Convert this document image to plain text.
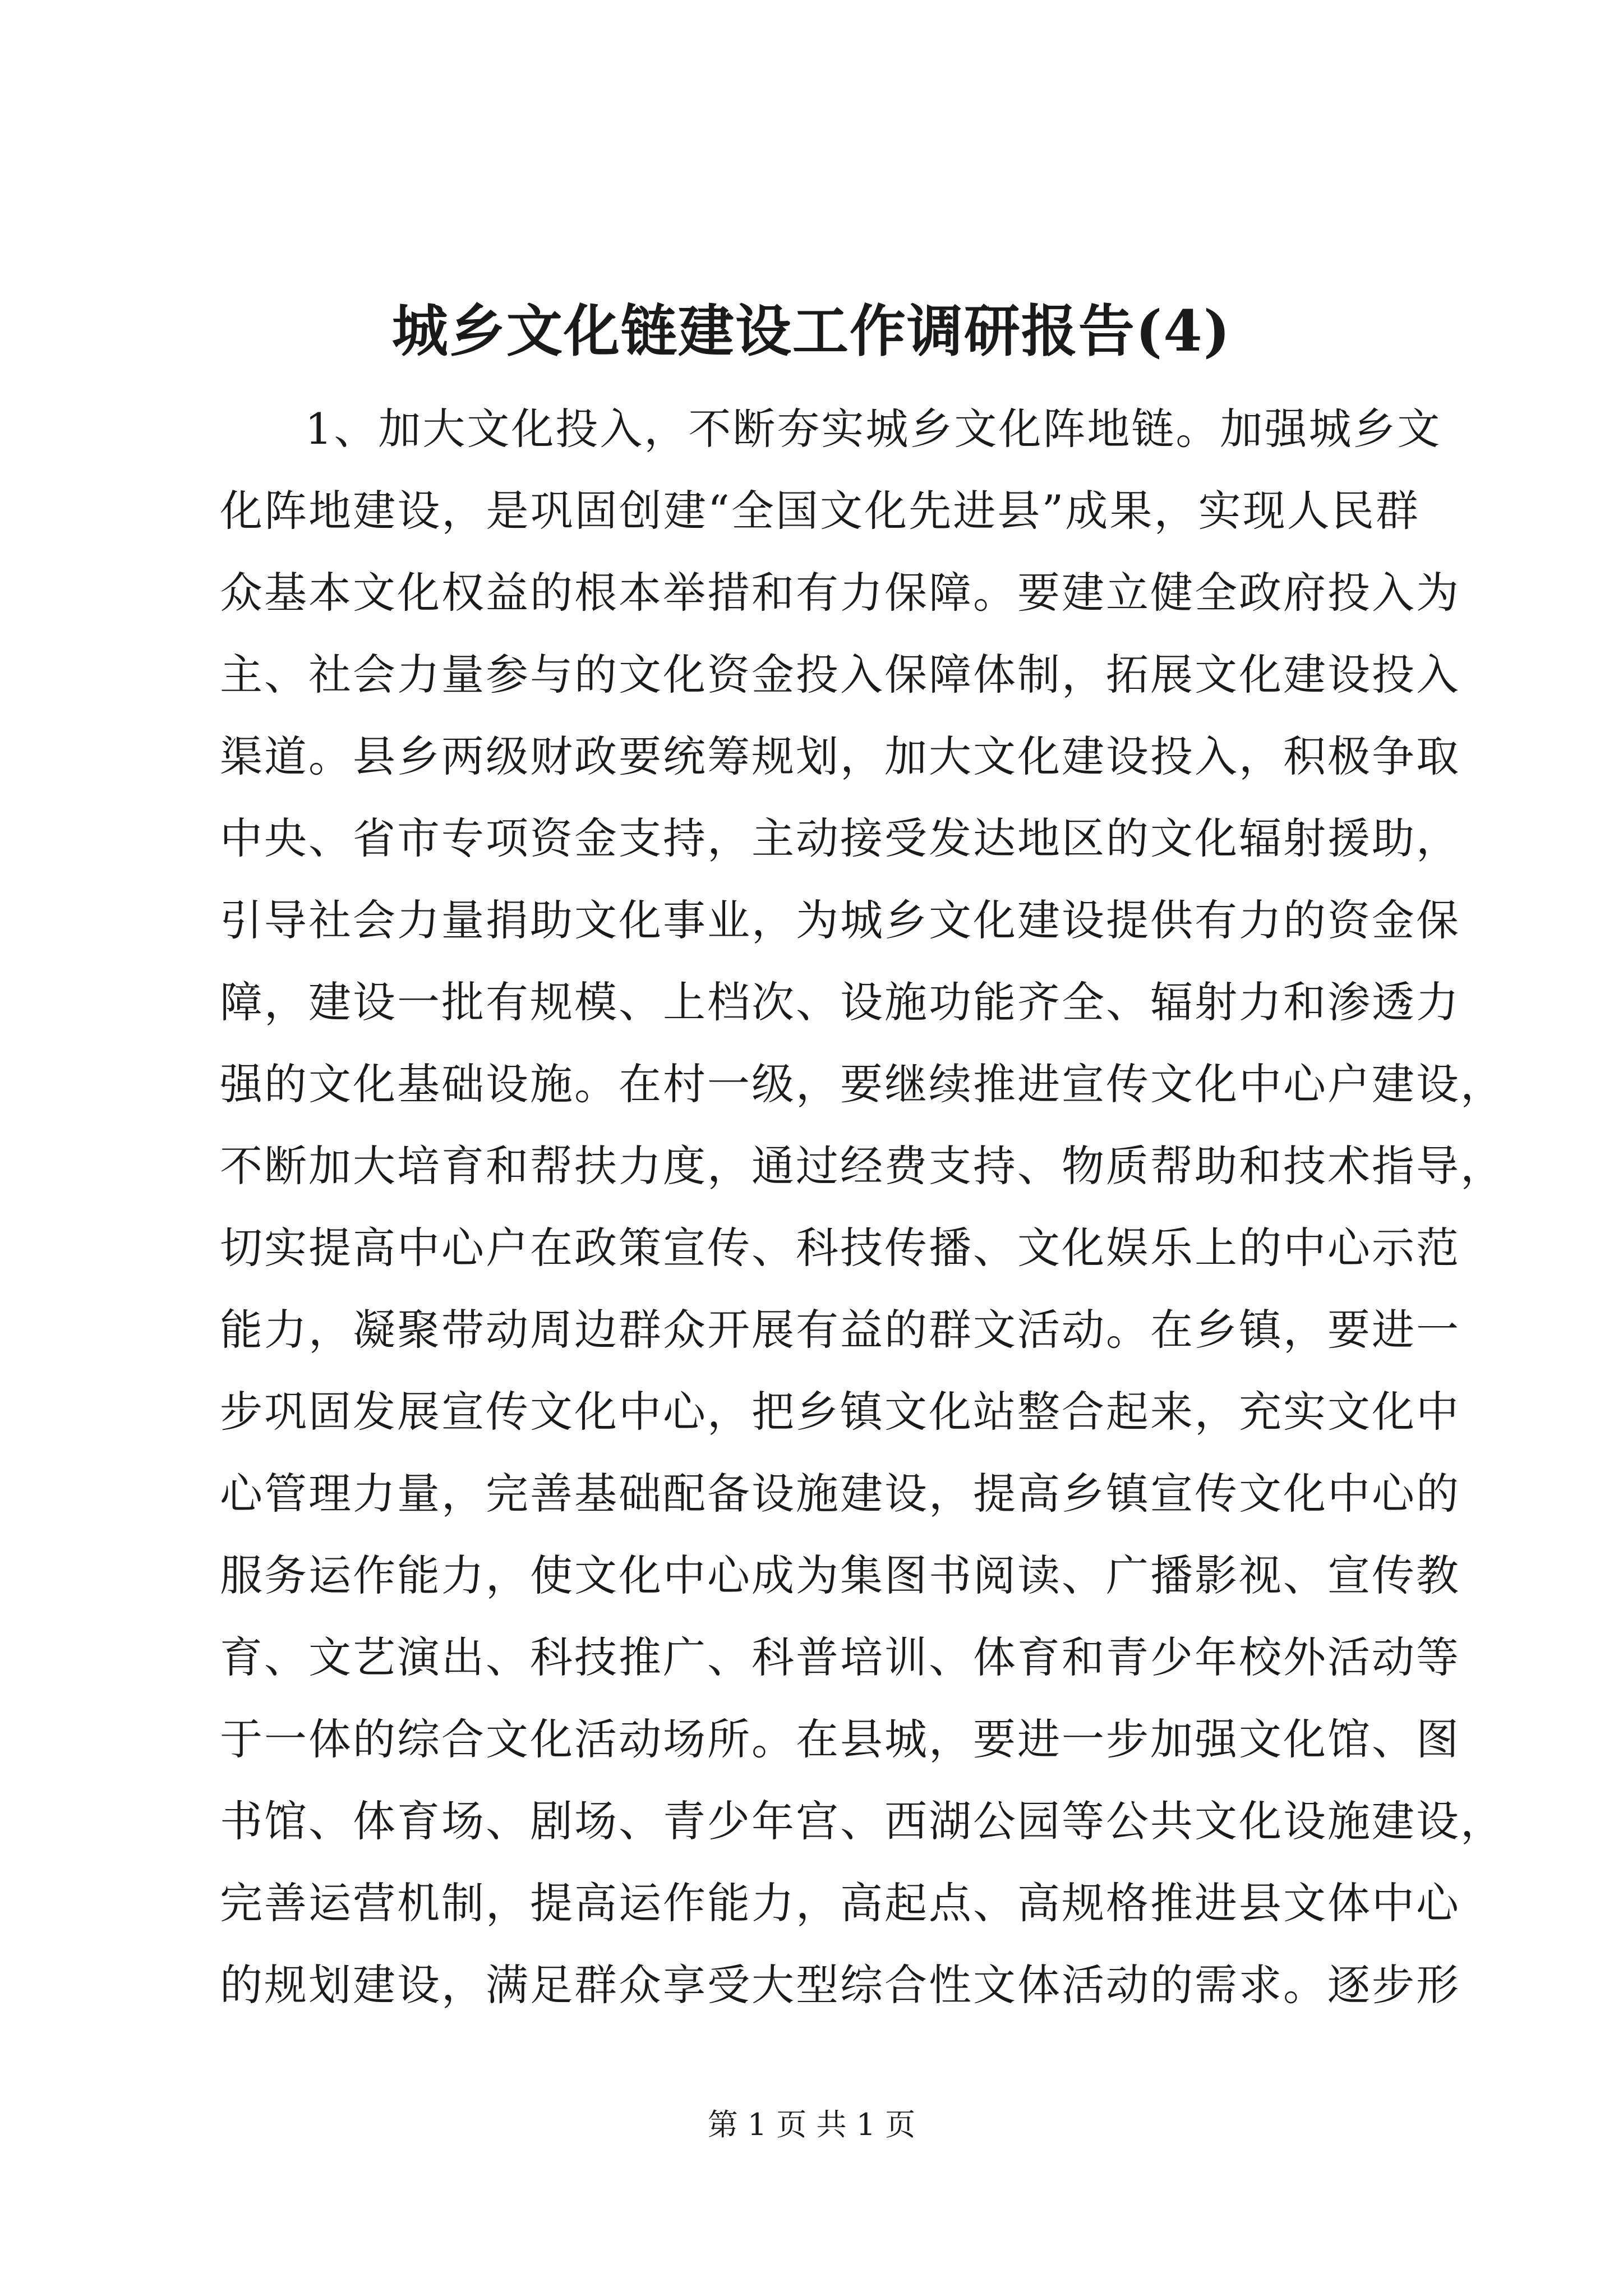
城乡文化链建设工作调研报告(4)
1、加大文化投入，不断夯实城乡文化阵地链。加强城乡文
化阵地建设，是巩固创建“全国文化先进县”成果，实现人民群
众基本文化权益的根本举措和有力保障。要建立健全政府投入为
主、社会力量参与的文化资金投入保障体制，拓展文化建设投入
渠道。县乡两级财政要统筹规划，加大文化建设投入，积极争取
中央、省市专项资金支持，主动接受发达地区的文化辐射援助，
引导社会力量捐助文化事业，为城乡文化建设提供有力的资金保
障，建设一批有规模、上档次、设施功能齐全、辐射力和渗透力
强的文化基础设施。在村一级，要继续推进宣传文化中心户建设，
不断加大培育和帮扶力度，通过经费支持、物质帮助和技术指导，
切实提高中心户在政策宣传、科技传播、文化娱乐上的中心示范
能力，凝聚带动周边群众开展有益的群文活动。在乡镇，要进一
步巩固发展宣传文化中心，把乡镇文化站整合起来，充实文化中
心管理力量，完善基础配备设施建设，提高乡镇宣传文化中心的
服务运作能力，使文化中心成为集图书阅读、广播影视、宣传教
育、文艺演出、科技推广、科普培训、体育和青少年校外活动等
于一体的综合文化活动场所。在县城，要进一步加强文化馆、图
书馆、体育场、剧场、青少年宫、西湖公园等公共文化设施建设，
完善运营机制，提高运作能力，高起点、高规格推进县文体中心
的规划建设，满足群众享受大型综合性文体活动的需求。逐步形
第 1 页 共 1 页
